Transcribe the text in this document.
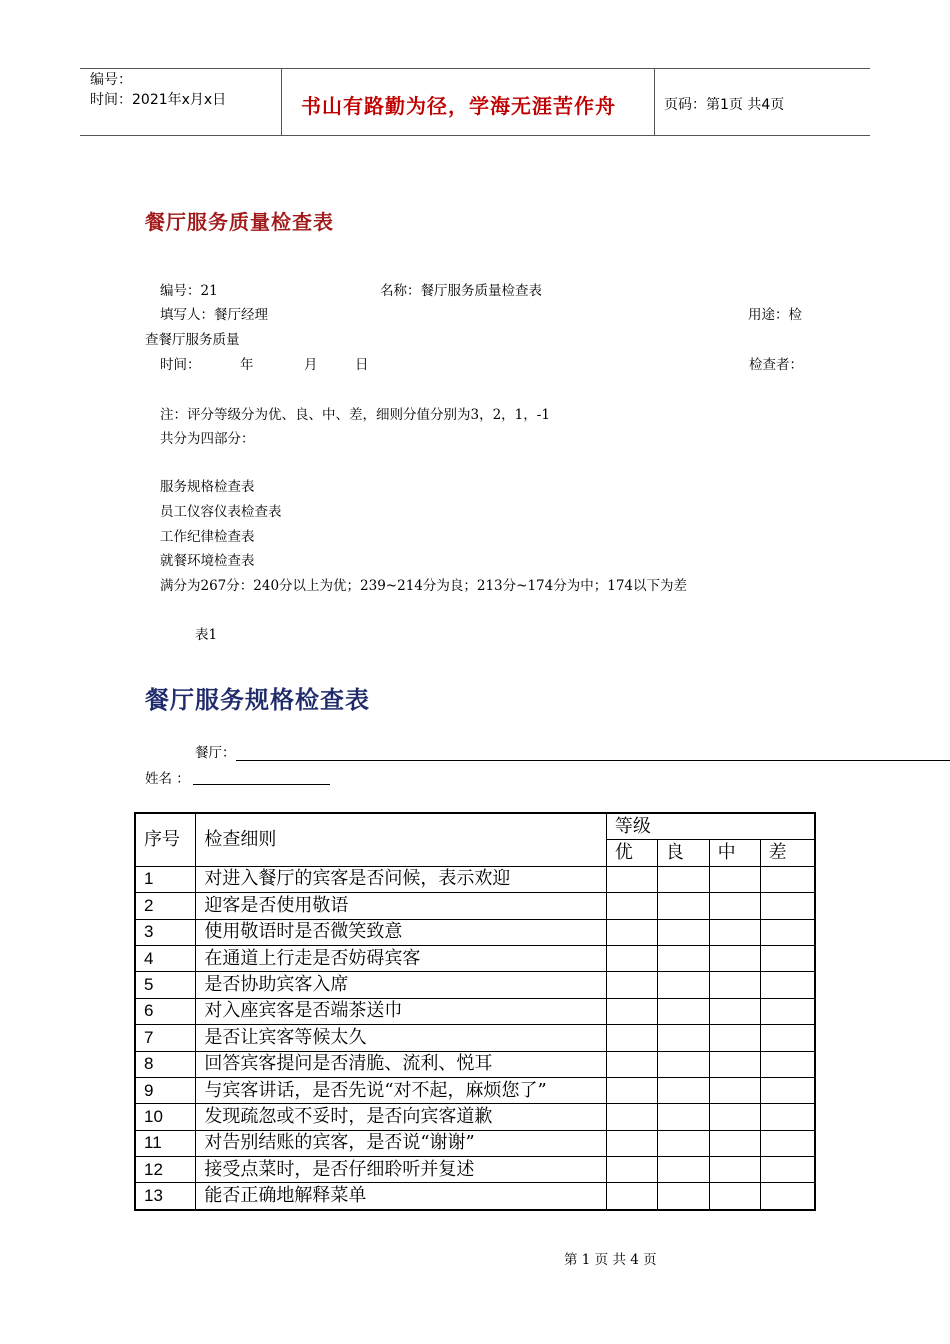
编号：
时间：2021年x月x日	书山有路勤为径，学海无涯苦作舟	页码：第1页 共4页
餐厅服务质量检查表
编号：21	名称：餐厅服务质量检查表
填写人：餐厅经理	用途：检
查餐厅服务质量
时间：	年	月	日	检查者：
注：评分等级分为优、良、中、差，细则分值分别为3，2，1，-1
共分为四部分：
服务规格检查表
员工仪容仪表检查表
工作纪律检查表
就餐环境检查表
满分为267分：240分以上为优；239~214分为良；213分~174分为中；174以下为差
表1
餐厅服务规格检查表
餐厅：
姓名 ：
序号	检查细则	等级			
		优	良	中	差
1	对进入餐厅的宾客是否问候，表示欢迎				
2	迎客是否使用敬语				
3	使用敬语时是否微笑致意				
4	在通道上行走是否妨碍宾客				
5	是否协助宾客入席				
6	对入座宾客是否端茶送巾				
7	是否让宾客等候太久				
8	回答宾客提问是否清脆、流利、悦耳				
9	与宾客讲话，是否先说“对不起，麻烦您了”				
10	发现疏忽或不妥时，是否向宾客道歉				
11	对告别结账的宾客，是否说“谢谢”				
12	接受点菜时，是否仔细聆听并复述				
13	能否正确地解释菜单				
第 1 页 共 4 页
